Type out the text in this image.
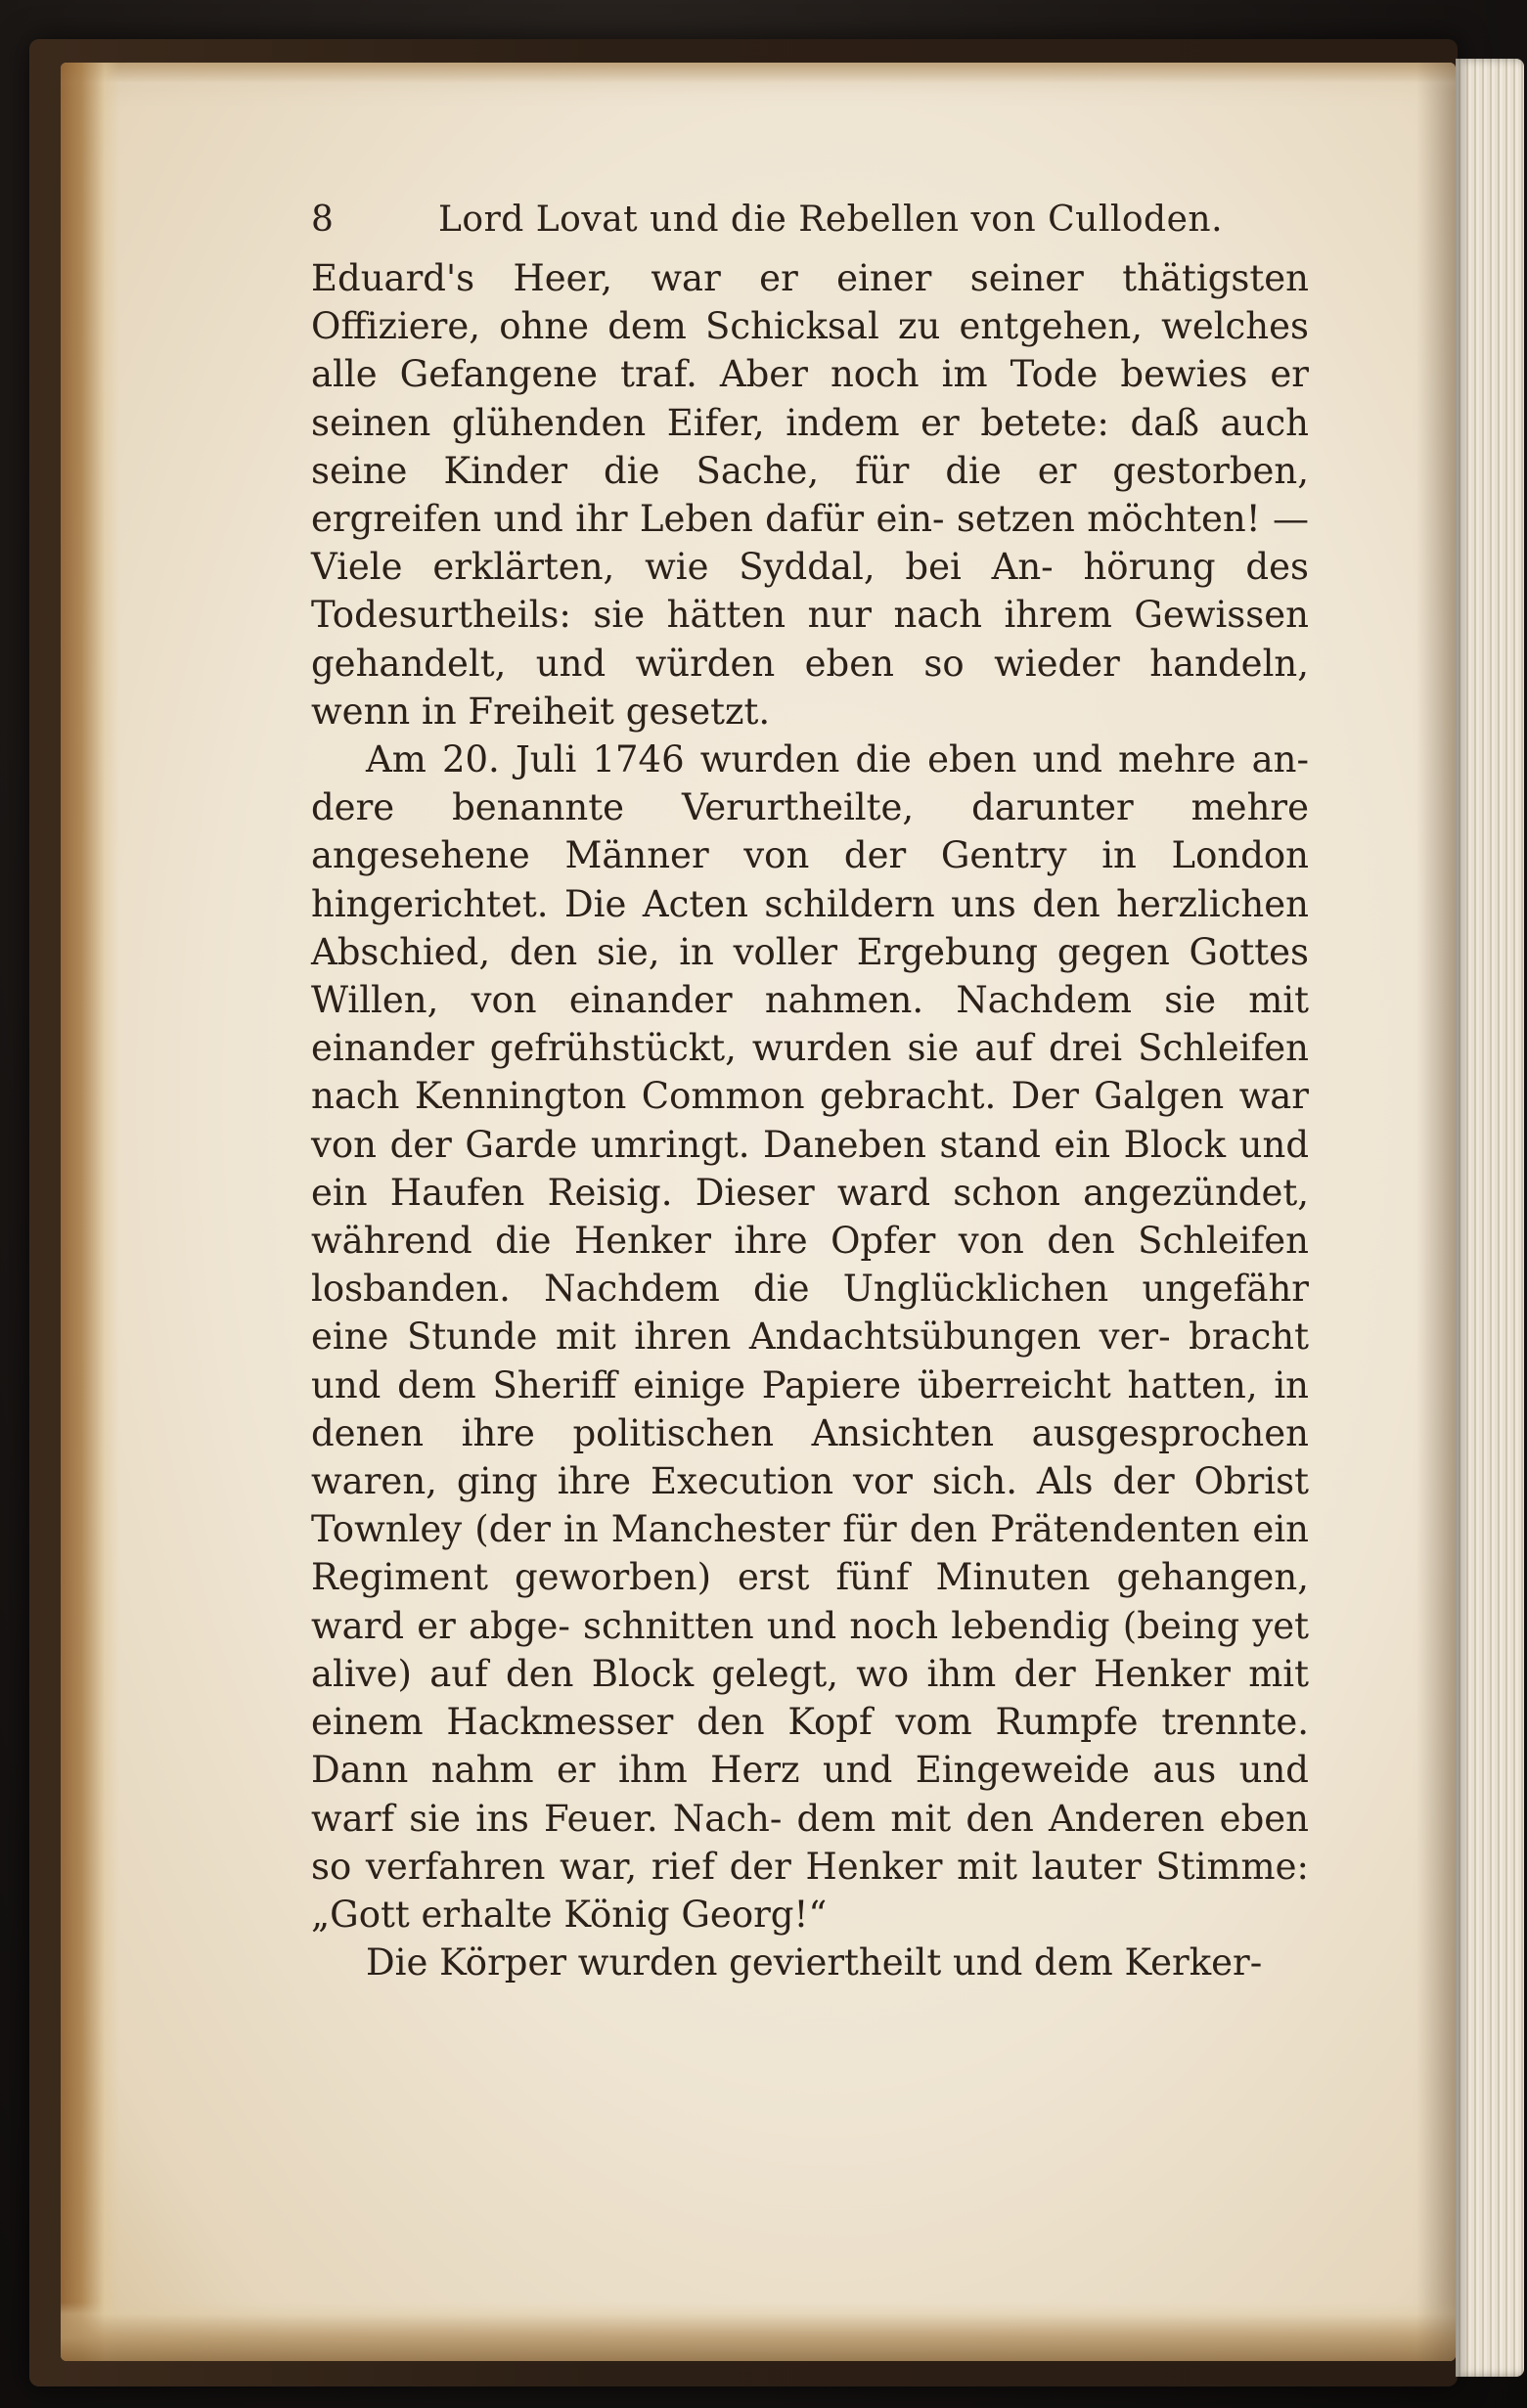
8	Lord Lovat und die Rebellen von Culloden.

Eduard's Heer, war er einer seiner thätigsten Offiziere, ohne dem Schicksal zu entgehen, welches alle Gefangene traf. Aber noch im Tode bewies er seinen glühenden Eifer, indem er betete: daß auch seine Kinder die Sache, für die er gestorben, ergreifen und ihr Leben dafür ein- setzen möchten! — Viele erklärten, wie Syddal, bei An- hörung des Todesurtheils: sie hätten nur nach ihrem Gewissen gehandelt, und würden eben so wieder handeln, wenn in Freiheit gesetzt.

Am 20. Juli 1746 wurden die eben und mehre an- dere benannte Verurtheilte, darunter mehre angesehene Männer von der Gentry in London hingerichtet. Die Acten schildern uns den herzlichen Abschied, den sie, in voller Ergebung gegen Gottes Willen, von einander nahmen. Nachdem sie mit einander gefrühstückt, wurden sie auf drei Schleifen nach Kennington Common gebracht. Der Galgen war von der Garde umringt. Daneben stand ein Block und ein Haufen Reisig. Dieser ward schon angezündet, während die Henker ihre Opfer von den Schleifen losbanden. Nachdem die Unglücklichen ungefähr eine Stunde mit ihren Andachtsübungen ver- bracht und dem Sheriff einige Papiere überreicht hatten, in denen ihre politischen Ansichten ausgesprochen waren, ging ihre Execution vor sich. Als der Obrist Townley (der in Manchester für den Prätendenten ein Regiment geworben) erst fünf Minuten gehangen, ward er abge- schnitten und noch lebendig (being yet alive) auf den Block gelegt, wo ihm der Henker mit einem Hackmesser den Kopf vom Rumpfe trennte. Dann nahm er ihm Herz und Eingeweide aus und warf sie ins Feuer. Nach- dem mit den Anderen eben so verfahren war, rief der Henker mit lauter Stimme: „Gott erhalte König Georg!“

Die Körper wurden geviertheilt und dem Kerker-
